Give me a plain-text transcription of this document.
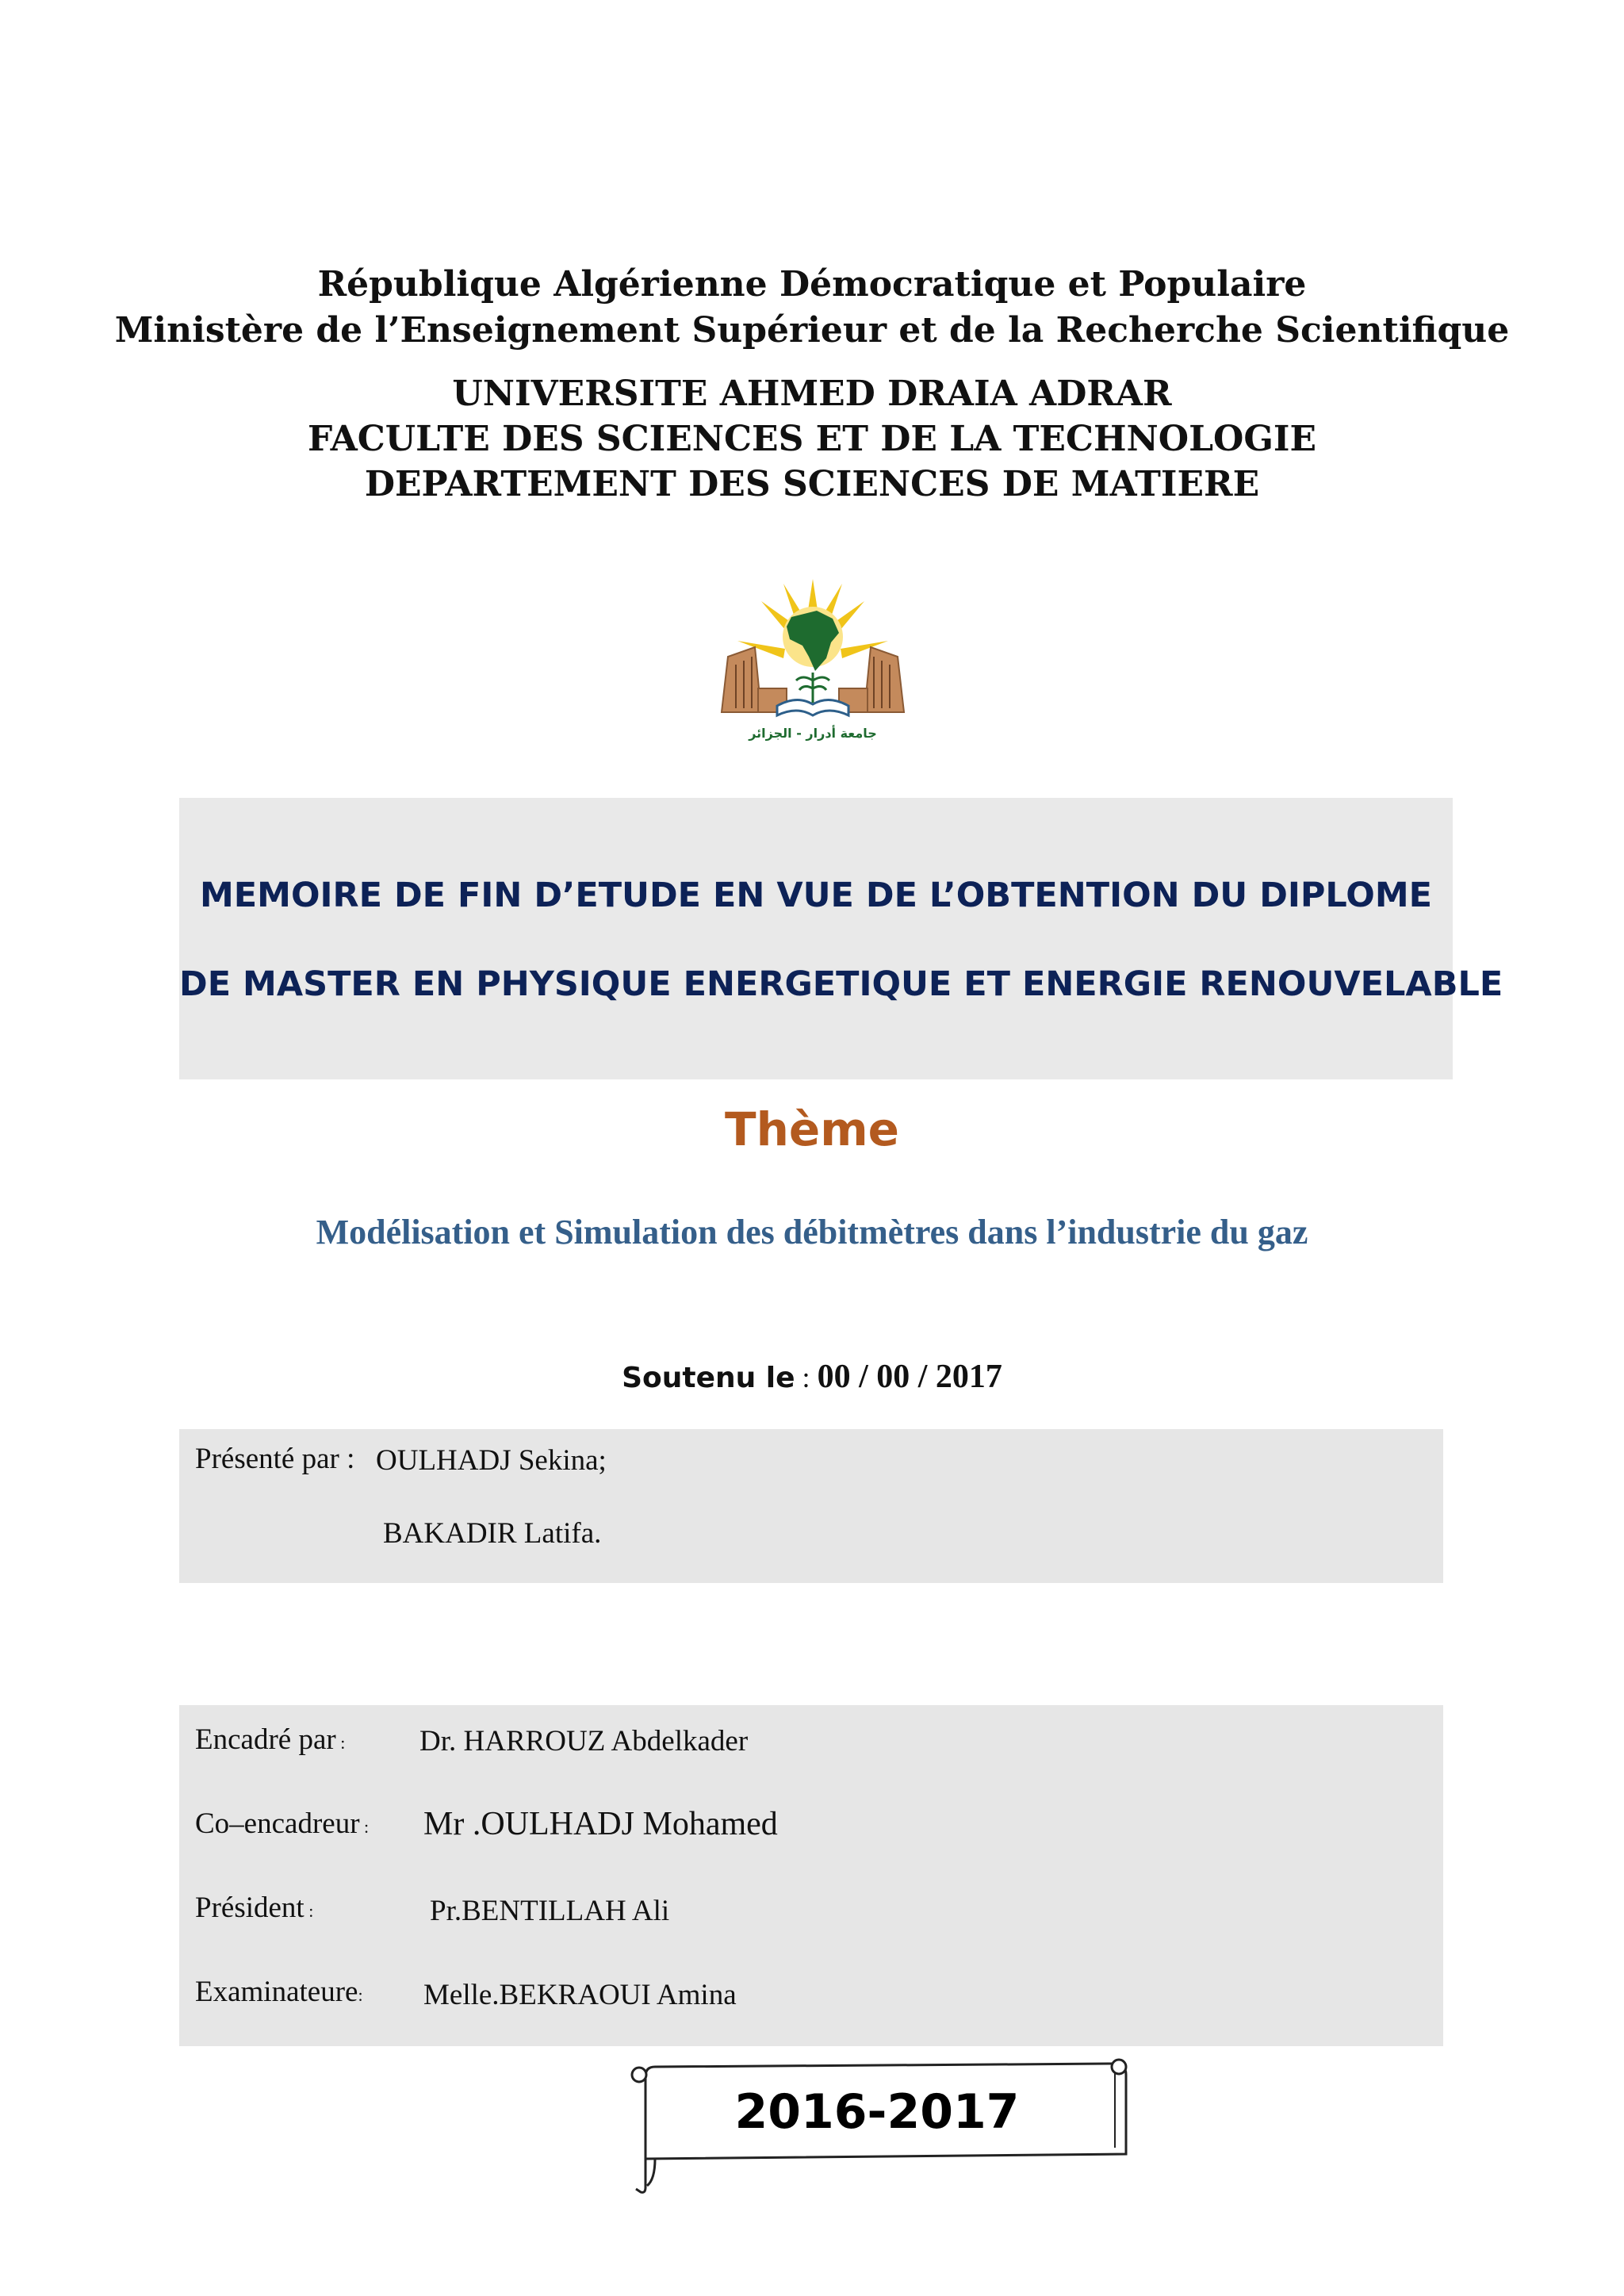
République Algérienne Démocratique et Populaire
Ministère de l’Enseignement Supérieur et de la Recherche Scientifique
UNIVERSITE AHMED DRAIA ADRAR
FACULTE DES SCIENCES ET DE LA TECHNOLOGIE
DEPARTEMENT DES SCIENCES DE MATIERE
جامعة أدرار - الجزائر
MEMOIRE DE FIN D’ETUDE EN VUE DE L’OBTENTION DU DIPLOME
DE MASTER EN PHYSIQUE ENERGETIQUE ET ENERGIE RENOUVELABLE
Thème
Modélisation et Simulation des débitmètres dans l’industrie du gaz
Soutenu le : 00 / 00 / 2017
Présenté par : OULHADJ Sekina;
BAKADIR Latifa.
Encadré par :	Dr. HARROUZ Abdelkader
Co–encadreur : Mr .OULHADJ Mohamed
Président :	Pr.BENTILLAH Ali
Examinateure: Melle.BEKRAOUI Amina
2016-2017
